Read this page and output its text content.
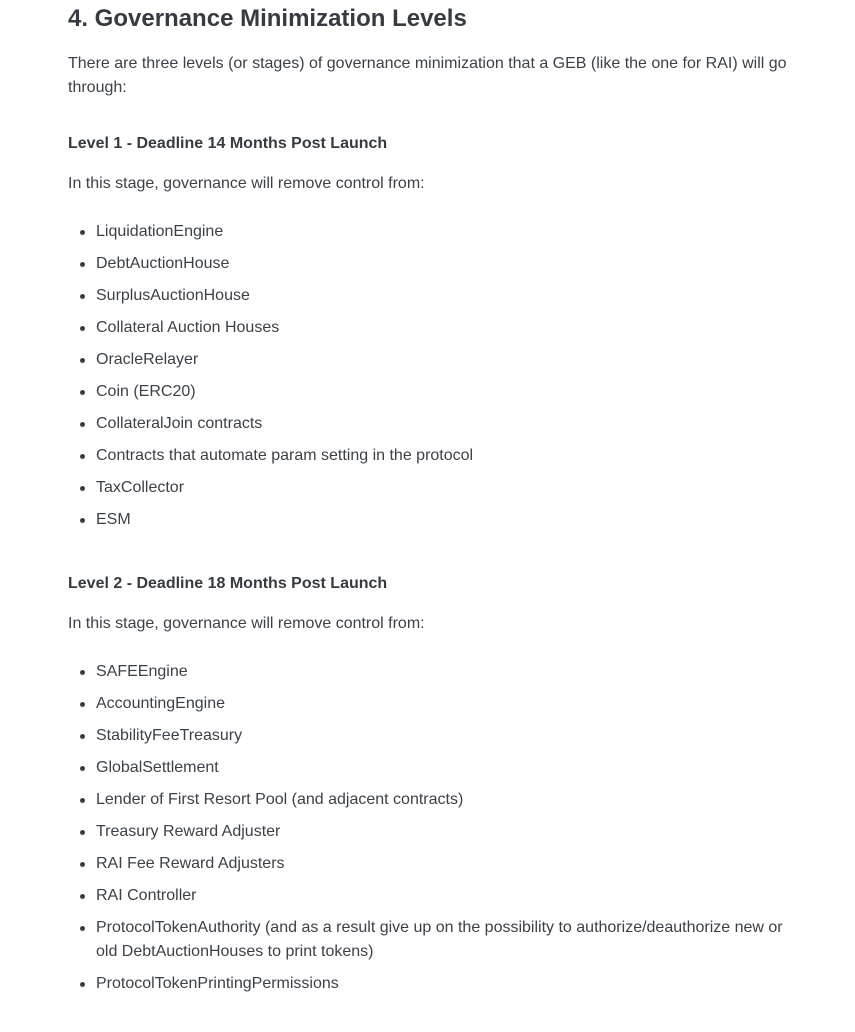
4. Governance Minimization Levels

There are three levels (or stages) of governance minimization that a GEB (like the one for RAI) will go through:

Level 1 - Deadline 14 Months Post Launch

In this stage, governance will remove control from:

LiquidationEngine
DebtAuctionHouse
SurplusAuctionHouse
Collateral Auction Houses
OracleRelayer
Coin (ERC20)
CollateralJoin contracts
Contracts that automate param setting in the protocol
TaxCollector
ESM

Level 2 - Deadline 18 Months Post Launch

In this stage, governance will remove control from:

SAFEEngine
AccountingEngine
StabilityFeeTreasury
GlobalSettlement
Lender of First Resort Pool (and adjacent contracts)
Treasury Reward Adjuster
RAI Fee Reward Adjusters
RAI Controller
ProtocolTokenAuthority (and as a result give up on the possibility to authorize/deauthorize new or old DebtAuctionHouses to print tokens)
ProtocolTokenPrintingPermissions
